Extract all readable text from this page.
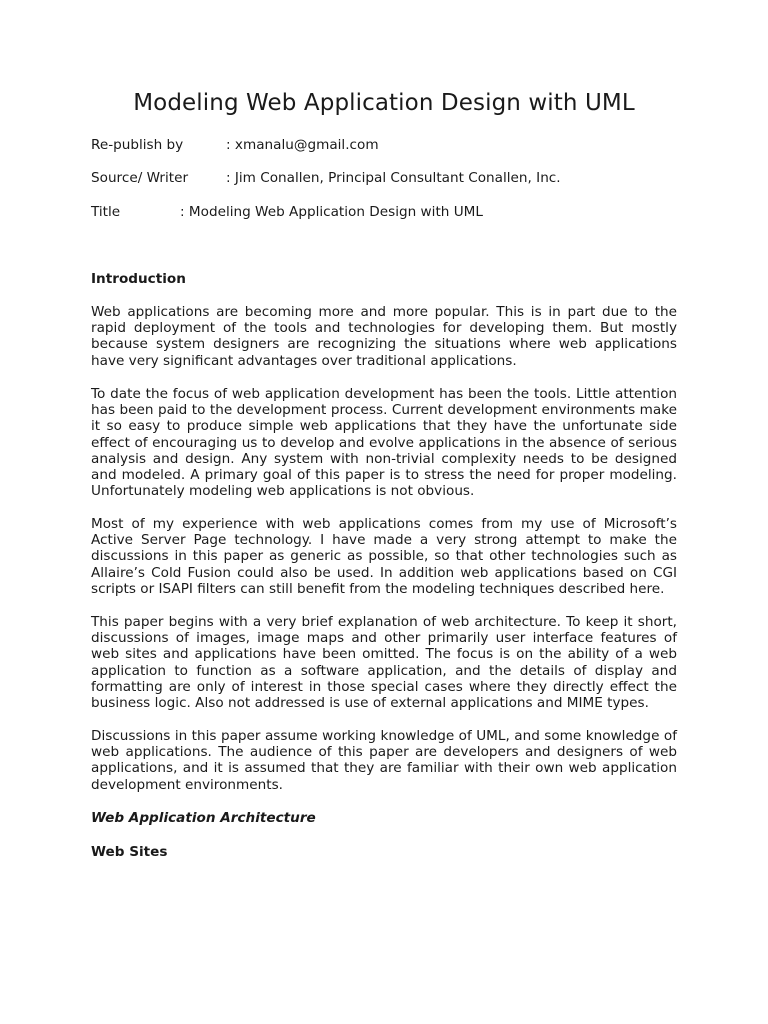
Modeling Web Application Design with UML
Re-publish by	: xmanalu@gmail.com
Source/ Writer	: Jim Conallen, Principal Consultant Conallen, Inc.
Title	: Modeling Web Application Design with UML
Introduction

Web applications are becoming more and more popular. This is in part due to the rapid deployment of the tools and technologies for developing them. But mostly because system designers are recognizing the situations where web applications have very significant advantages over traditional applications.

To date the focus of web application development has been the tools. Little attention has been paid to the development process. Current development environments make it so easy to produce simple web applications that they have the unfortunate side effect of encouraging us to develop and evolve applications in the absence of serious analysis and design. Any system with non-trivial complexity needs to be designed and modeled. A primary goal of this paper is to stress the need for proper modeling. Unfortunately modeling web applications is not obvious.

Most of my experience with web applications comes from my use of Microsoft’s Active Server Page technology. I have made a very strong attempt to make the discussions in this paper as generic as possible, so that other technologies such as Allaire’s Cold Fusion could also be used. In addition web applications based on CGI scripts or ISAPI filters can still benefit from the modeling techniques described here.

This paper begins with a very brief explanation of web architecture. To keep it short, discussions of images, image maps and other primarily user interface features of web sites and applications have been omitted. The focus is on the ability of a web application to function as a software application, and the details of display and formatting are only of interest in those special cases where they directly effect the business logic. Also not addressed is use of external applications and MIME types.

Discussions in this paper assume working knowledge of UML, and some knowledge of web applications. The audience of this paper are developers and designers of web applications, and it is assumed that they are familiar with their own web application development environments.

Web Application Architecture
Web Sites
